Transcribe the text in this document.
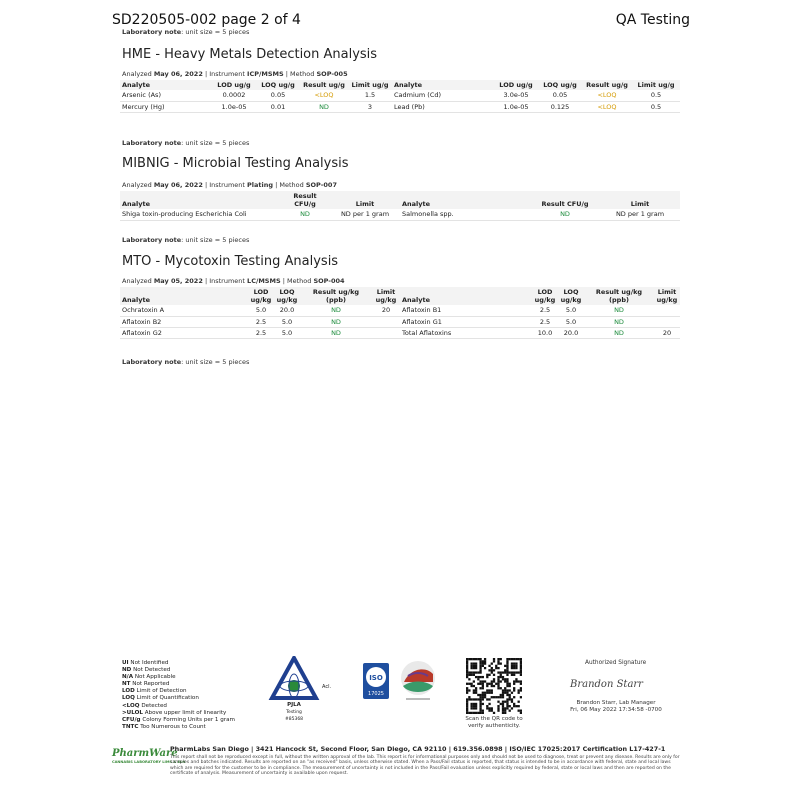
SD220505-002 page 2 of 4	QA Testing
Laboratory note: unit size = 5 pieces
HME - Heavy Metals Detection Analysis
Analyzed May 06, 2022 | Instrument ICP/MSMS | Method SOP-005
Analyte	LOD ug/g	LOQ ug/g	Result ug/g	Limit ug/g	Analyte	LOD ug/g	LOQ ug/g	Result ug/g	Limit ug/g
Arsenic (As)	0.0002	0.05	<LOQ	1.5	Cadmium (Cd)	3.0e-05	0.05	<LOQ	0.5
Mercury (Hg)	1.0e-05	0.01	ND	3	Lead (Pb)	1.0e-05	0.125	<LOQ	0.5
Laboratory note: unit size = 5 pieces
MIBNIG - Microbial Testing Analysis
Analyzed May 06, 2022 | Instrument Plating | Method SOP-007
Analyte	Result CFU/g	Limit	Analyte	Result CFU/g	Limit
Shiga toxin-producing Escherichia Coli	ND	ND per 1 gram	Salmonella spp.	ND	ND per 1 gram
Laboratory note: unit size = 5 pieces
MTO - Mycotoxin Testing Analysis
Analyzed May 05, 2022 | Instrument LC/MSMS | Method SOP-004
Analyte	LOD ug/kg	LOQ ug/kg	Result ug/kg (ppb)	Limit ug/kg	Analyte	LOD ug/kg	LOQ ug/kg	Result ug/kg (ppb)	Limit ug/kg
Ochratoxin A	5.0	20.0	ND	20	Aflatoxin B1	2.5	5.0	ND	
Aflatoxin B2	2.5	5.0	ND		Aflatoxin G1	2.5	5.0	ND	
Aflatoxin G2	2.5	5.0	ND		Total Aflatoxins	10.0	20.0	ND	20
Laboratory note: unit size = 5 pieces
UI Not Identified
ND Not Detected
N/A Not Applicable
NT Not Reported
LOD Limit of Detection
LOQ Limit of Quantification
<LOQ Detected
>ULOL Above upper limit of linearity
CFU/g Colony Forming Units per 1 gram
TNTC Too Numerous to Count
Acl.
PJLA
Testing
#85368
ISO
17025
Scan the QR code to verify authenticity.
Authorized Signature
Brandon Starr
Brandon Starr, Lab Manager
Fri, 06 May 2022 17:34:58 -0700
PharmWare
CANNABIS LABORATORY LIMS & ELN
PharmLabs San Diego | 3421 Hancock St, Second Floor, San Diego, CA 92110 | 619.356.0898 | ISO/IEC 17025:2017 Certification L17-427-1
This report shall not be reproduced except in full, without the written approval of the lab. This report is for informational purposes only and should not be used to diagnose, treat or prevent any disease. Results are only for samples and batches indicated. Results are reported on an "as received" basis, unless otherwise stated. When a Pass/Fail status is reported, that status is intended to be in accordance with federal, state and local laws which are required for the customer to be in compliance. The measurement of uncertainty is not included in the Pass/Fail evaluation unless explicitly required by federal, state or local laws and then are reported on the certificate of analysis. Measurement of uncertainty is available upon request.
